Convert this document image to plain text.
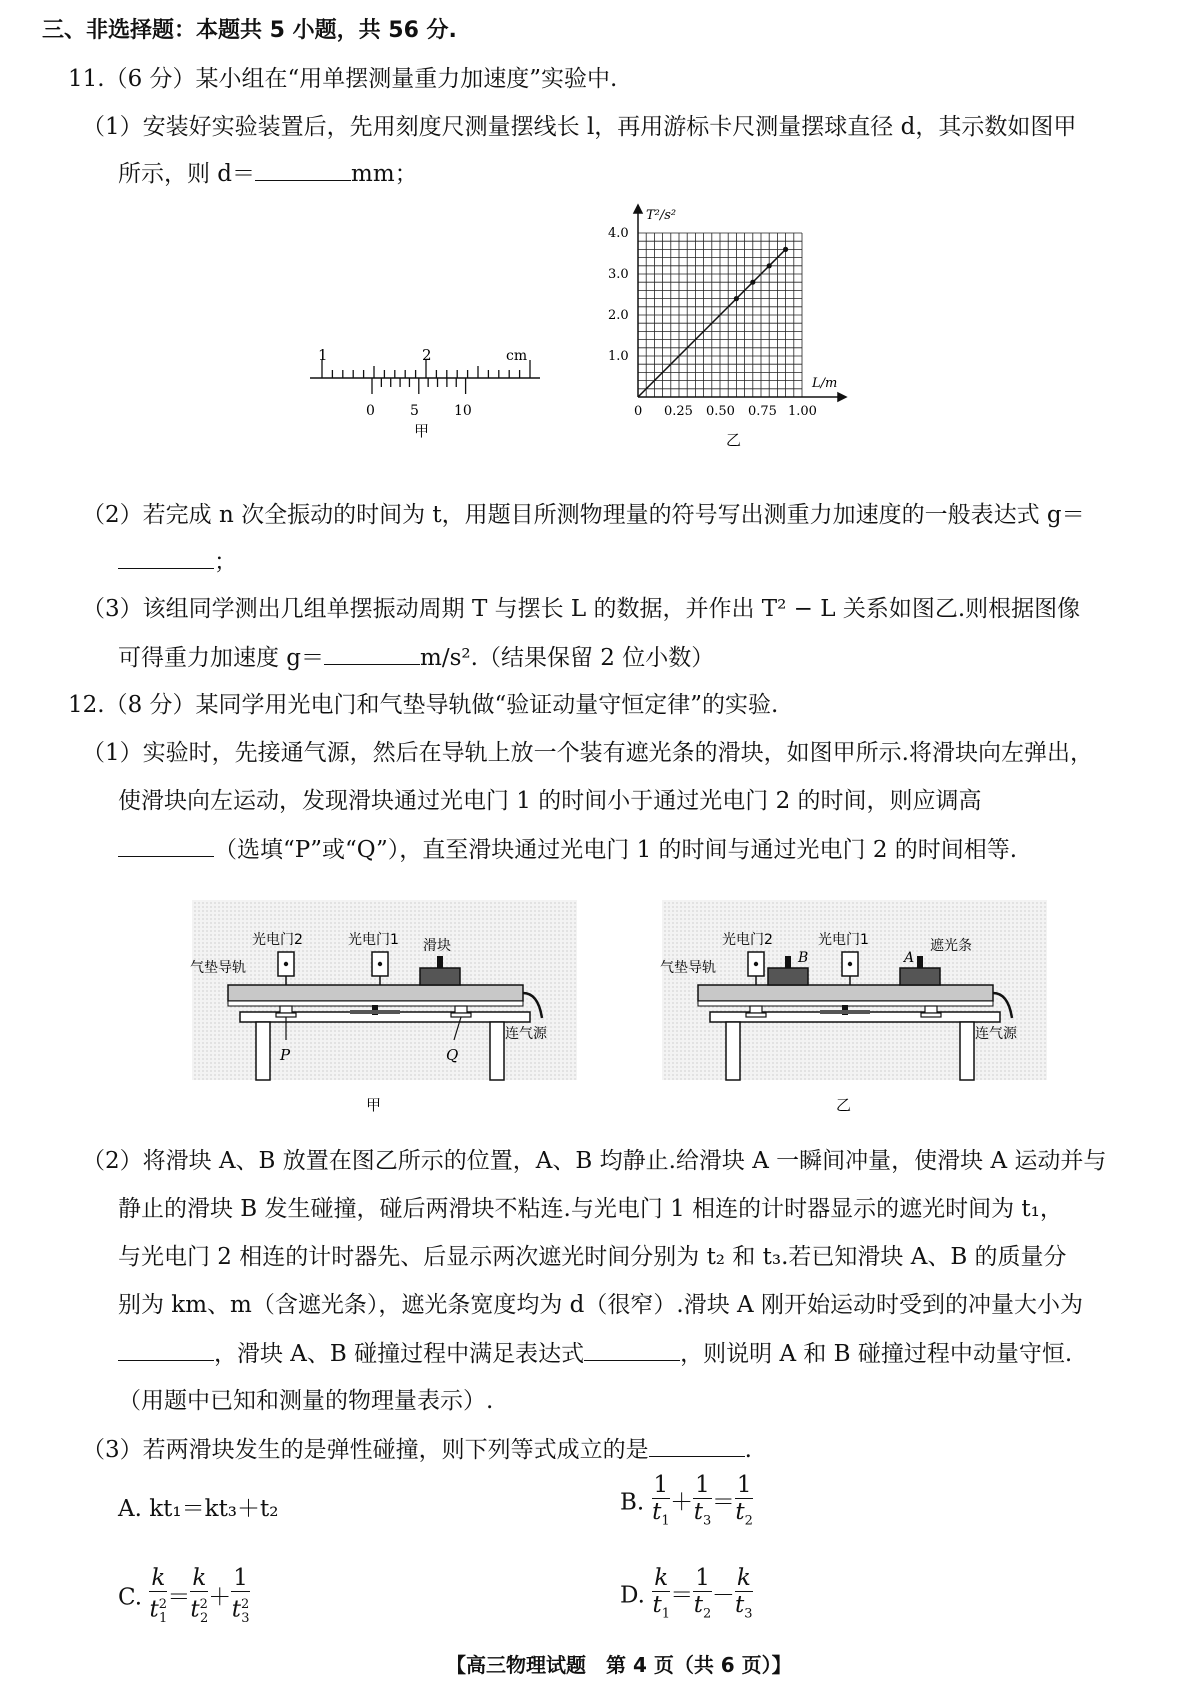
三、非选择题：本题共 5 小题，共 56 分.
11.（6 分）某小组在“用单摆测量重力加速度”实验中.
（1）安装好实验装置后，先用刻度尺测量摆线长 l，再用游标卡尺测量摆球直径 d，其示数如图甲
所示，则 d＝	mm；
1	2	cm
0	5	10
甲
T²/s²
L/m
1.0
2.0
3.0
4.0
0 0.25 0.50 0.75 1.00
乙
（2）若完成 n 次全振动的时间为 t，用题目所测物理量的符号写出测重力加速度的一般表达式 g＝
；
（3）该组同学测出几组单摆振动周期 T 与摆长 L 的数据，并作出 T² − L 关系如图乙.则根据图像
可得重力加速度 g＝	m/s².（结果保留 2 位小数）
12.（8 分）某同学用光电门和气垫导轨做“验证动量守恒定律”的实验.
（1）实验时，先接通气源，然后在导轨上放一个装有遮光条的滑块，如图甲所示.将滑块向左弹出，
使滑块向左运动，发现滑块通过光电门 1 的时间小于通过光电门 2 的时间，则应调高
（选填“P”或“Q”），直至滑块通过光电门 1 的时间与通过光电门 2 的时间相等.
P	Q
光电门2	光电门1 滑块
气垫导轨
连气源
甲
光电门2	光电门1	遮光条
B	A
气垫导轨
连气源
乙
（2）将滑块 A、B 放置在图乙所示的位置，A、B 均静止.给滑块 A 一瞬间冲量，使滑块 A 运动并与
静止的滑块 B 发生碰撞，碰后两滑块不粘连.与光电门 1 相连的计时器显示的遮光时间为 t₁，
与光电门 2 相连的计时器先、后显示两次遮光时间分别为 t₂ 和 t₃.若已知滑块 A、B 的质量分
别为 km、m（含遮光条），遮光条宽度均为 d（很窄）.滑块 A 刚开始运动时受到的冲量大小为
，滑块 A、B 碰撞过程中满足表达式	，则说明 A 和 B 碰撞过程中动量守恒.
（用题中已知和测量的物理量表示）.
（3）若两滑块发生的是弹性碰撞，则下列等式成立的是	.
A. kt₁＝kt₃＋t₂	B. $\frac{1}{t_1} + \frac{1}{t_3} = \frac{1}{t_2}$
C. $\frac{k}{t^2_1} = \frac{k}{t^2_2} + \frac{1}{t^2_3}$	D. $\frac{k}{t_1} = \frac{1}{t_2} - \frac{k}{t_3}$
【高三物理试题　第 4 页（共 6 页）】
